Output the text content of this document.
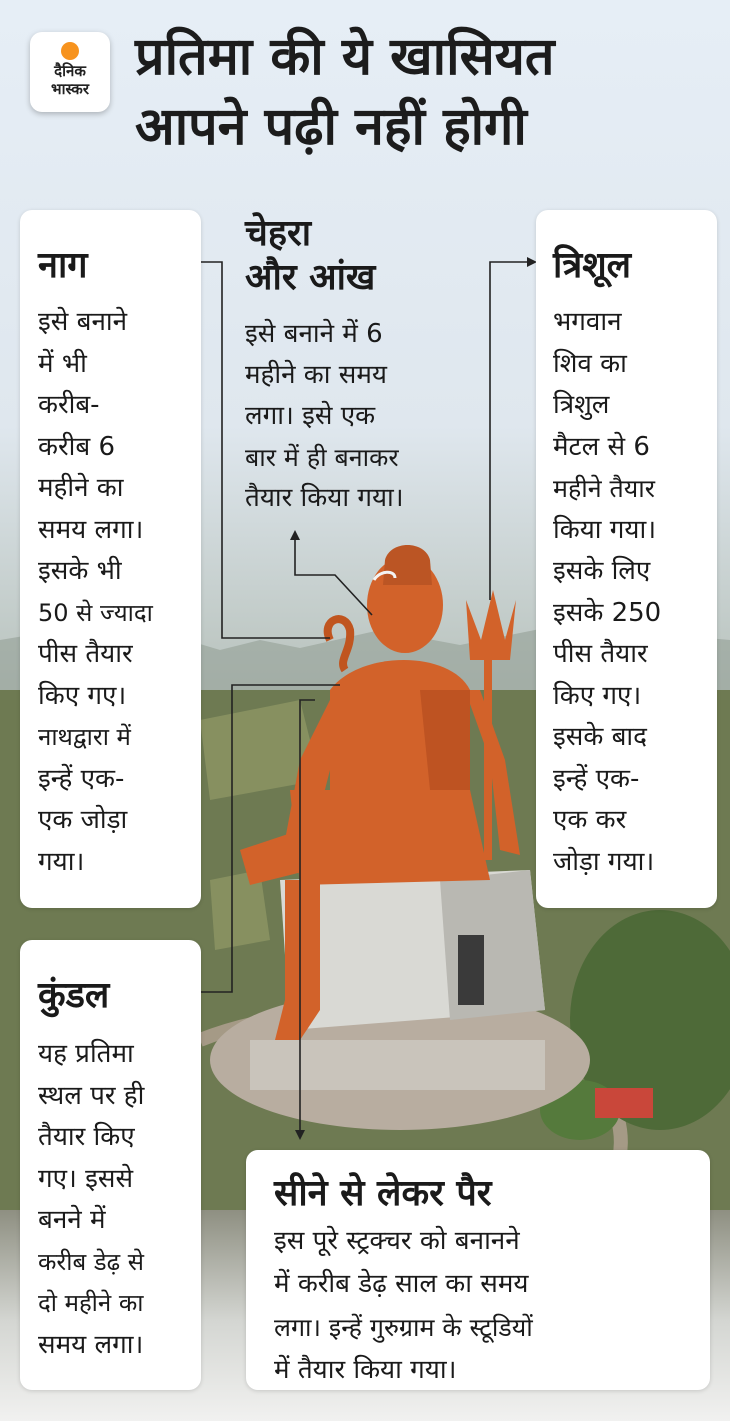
दैनिक
भास्कर
प्रतिमा की ये खासियत
आपने पढ़ी नहीं होगी
नाग

इसे बनाने
में भी
करीब-
करीब 6
महीने का
समय लगा।
इसके भी
50 से ज्यादा
पीस तैयार
किए गए।
नाथद्वारा में
इन्हें एक-
एक जोड़ा
गया।

चेहरा
और आंख
इसे बनाने में 6
महीने का समय
लगा। इसे एक
बार में ही बनाकर
तैयार किया गया।
त्रिशूल

भगवान
शिव का
त्रिशुल
मैटल से 6
महीने तैयार
किया गया।
इसके लिए
इसके 250
पीस तैयार
किए गए।
इसके बाद
इन्हें एक-
एक कर
जोड़ा गया।

कुंडल

यह प्रतिमा
स्थल पर ही
तैयार किए
गए। इससे
बनने में
करीब डेढ़ से
दो महीने का
समय लगा।

सीने से लेकर पैर

इस पूरे स्ट्रक्चर को बनानने
में करीब डेढ़ साल का समय
लगा। इन्हें गुरुग्राम के स्टूडियों
में तैयार किया गया।
